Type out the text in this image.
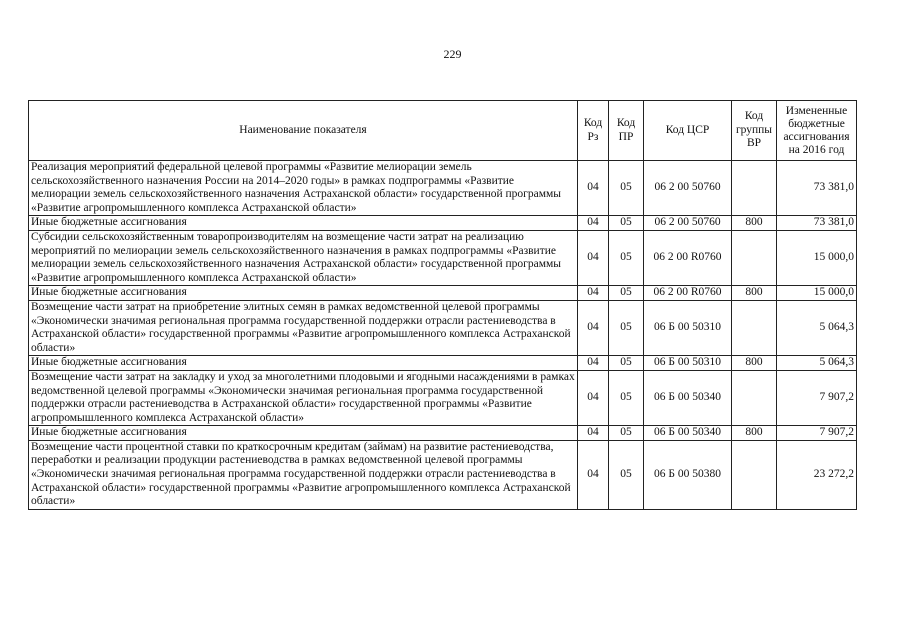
229
Наименование показателя	Код Рз	Код ПР	Код ЦСР	Код группы ВР	Измененные бюджетные ассигнования на 2016 год
Реализация мероприятий федеральной целевой программы «Развитие мелиорации земель сельскохозяйственного назначения России на 2014–2020 годы» в рамках подпрограммы «Развитие мелиорации земель сельскохозяйственного назначения Астраханской области» государственной программы «Развитие агропромышленного комплекса Астраханской области»	04	05	06 2 00 50760		73 381,0
Иные бюджетные ассигнования	04	05	06 2 00 50760	800	73 381,0
Субсидии сельскохозяйственным товаропроизводителям на возмещение части затрат на реализацию мероприятий по мелиорации земель сельскохозяйственного назначения в рамках подпрограммы «Развитие мелиорации земель сельскохозяйственного назначения Астраханской области» государственной программы «Развитие агропромышленного комплекса Астраханской области»	04	05	06 2 00 R0760		15 000,0
Иные бюджетные ассигнования	04	05	06 2 00 R0760	800	15 000,0
Возмещение части затрат на приобретение элитных семян в рамках ведомственной целевой программы «Экономически значимая региональная программа государственной поддержки отрасли растениеводства в Астраханской области» государственной программы «Развитие агропромышленного комплекса Астраханской области»	04	05	06 Б 00 50310		5 064,3
Иные бюджетные ассигнования	04	05	06 Б 00 50310	800	5 064,3
Возмещение части затрат на закладку и уход за многолетними плодовыми и ягодными насаждениями в рамках ведомственной целевой программы «Экономически значимая региональная программа государственной поддержки отрасли растениеводства в Астраханской области» государственной программы «Развитие агропромышленного комплекса Астраханской области»	04	05	06 Б 00 50340		7 907,2
Иные бюджетные ассигнования	04	05	06 Б 00 50340	800	7 907,2
Возмещение части процентной ставки по краткосрочным кредитам (займам) на развитие растениеводства, переработки и реализации продукции растениеводства в рамках ведомственной целевой программы «Экономически значимая региональная программа государственной поддержки отрасли растениеводства в Астраханской области» государственной программы «Развитие агропромышленного комплекса Астраханской области»	04	05	06 Б 00 50380		23 272,2
